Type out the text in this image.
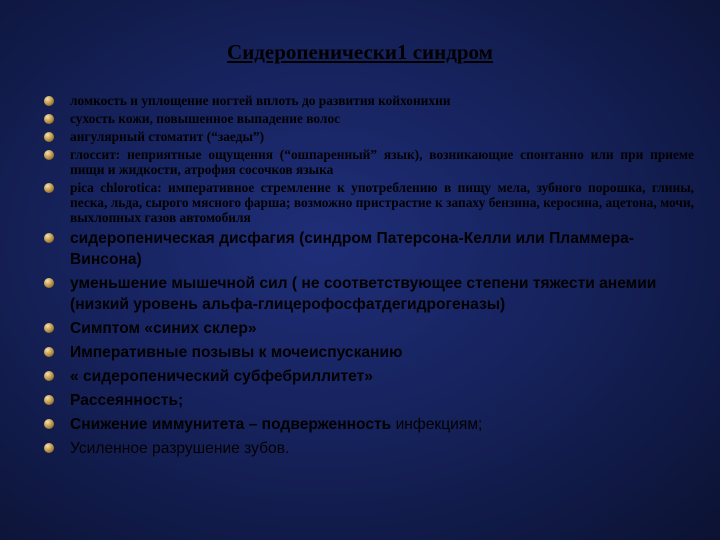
Сидеропенически1 синдром
ломкость и уплощение ногтей вплоть до развития койхонихии
сухость кожи, повышенное выпадение волос
ангулярный стоматит (“заеды”)
глоссит: неприятные ощущения (“ошпаренный” язык), возникающие спонтанно или при приеме пищи и жидкости, атрофия сосочков языка
pica chlorotica: императивное стремление к употреблению в пищу мела, зубного порошка, глины, песка, льда, сырого мясного фарша; возможно пристрастие к запаху бензина, керосина, ацетона, мочи, выхлопных газов автомобиля
сидеропеническая дисфагия (синдром Патерсона-Келли или Пламмера-Винсона)
уменьшение мышечной сил ( не соответствующее степени тяжести анемии (низкий уровень альфа-глицерофосфатдегидрогеназы)
Симптом «синих склер»
Императивные позывы к мочеиспусканию
« сидеропенический субфебриллитет»
Рассеянность;
Снижение иммунитета – подверженность инфекциям;
Усиленное разрушение зубов.
